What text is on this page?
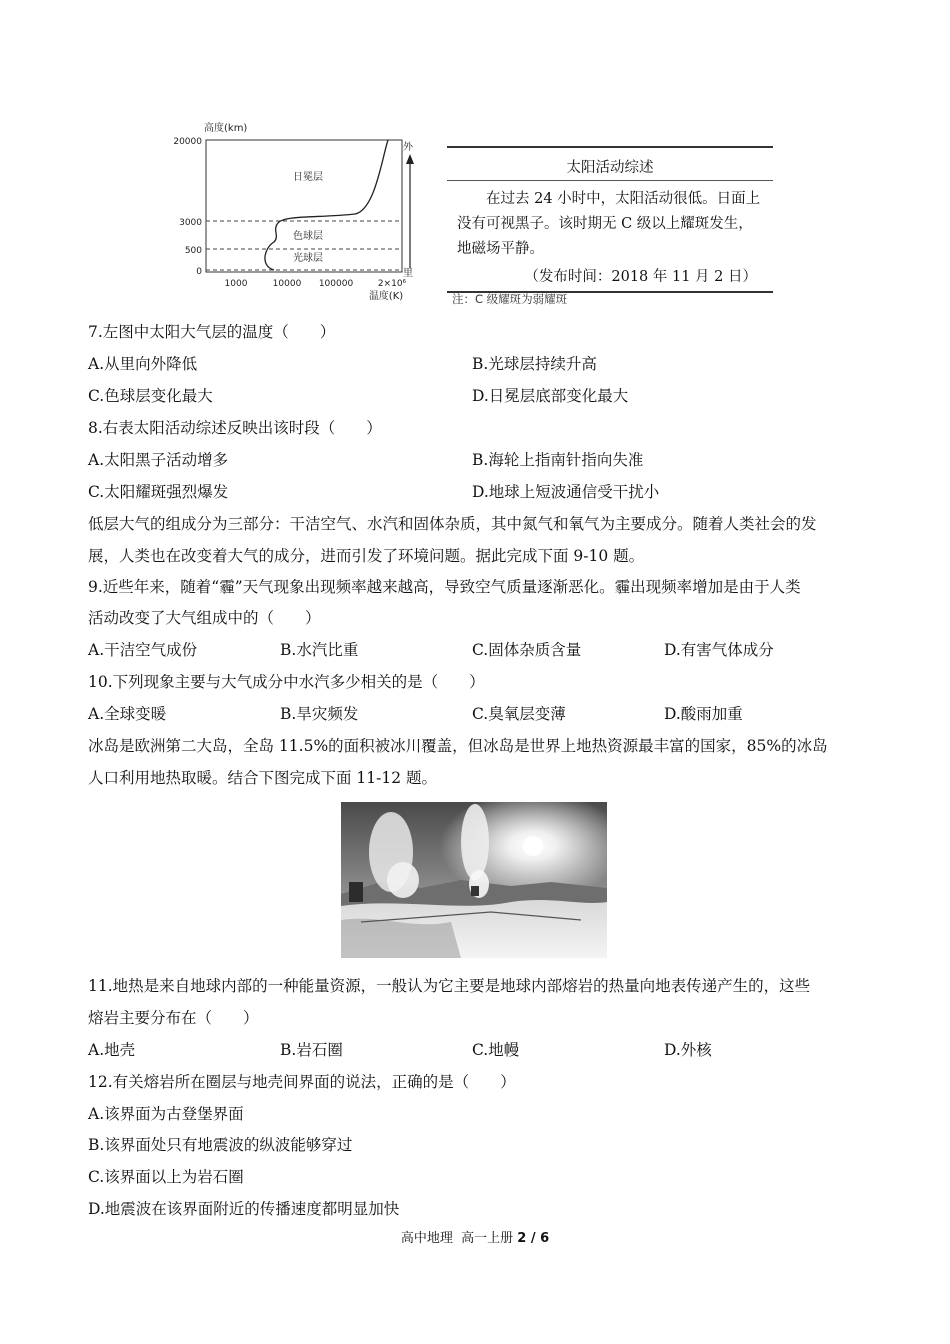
高度(km)
20000
3000
500
0
1000	10000 100000	2×10⁶
温度(K)
日冕层
色球层
光球层
外
里
太阳活动综述
在过去 24 小时中，太阳活动很低。日面上没有可视黑子。该时期无 C 级以上耀斑发生，地磁场平静。
（发布时间：2018 年 11 月 2 日）
注：C 级耀斑为弱耀斑
7.左图中太阳大气层的温度（　　）
A.从里向外降低	B.光球层持续升高
C.色球层变化最大	D.日冕层底部变化最大
8.右表太阳活动综述反映出该时段（　　）
A.太阳黑子活动增多	B.海轮上指南针指向失准
C.太阳耀斑强烈爆发	D.地球上短波通信受干扰小
低层大气的组成分为三部分：干洁空气、水汽和固体杂质，其中氮气和氧气为主要成分。随着人类社会的发
展，人类也在改变着大气的成分，进而引发了环境问题。据此完成下面 9-10 题。
9.近些年来，随着“霾”天气现象出现频率越来越高，导致空气质量逐渐恶化。霾出现频率增加是由于人类
活动改变了大气组成中的（　　）
A.干洁空气成份	B.水汽比重	C.固体杂质含量	D.有害气体成分
10.下列现象主要与大气成分中水汽多少相关的是（　　）
A.全球变暖	B.旱灾频发	C.臭氧层变薄	D.酸雨加重
冰岛是欧洲第二大岛，全岛 11.5%的面积被冰川覆盖，但冰岛是世界上地热资源最丰富的国家，85%的冰岛
人口利用地热取暖。结合下图完成下面 11-12 题。
11.地热是来自地球内部的一种能量资源，一般认为它主要是地球内部熔岩的热量向地表传递产生的，这些
熔岩主要分布在（　　）
A.地壳	B.岩石圈	C.地幔	D.外核
12.有关熔岩所在圈层与地壳间界面的说法，正确的是（　　）
A.该界面为古登堡界面
B.该界面处只有地震波的纵波能够穿过
C.该界面以上为岩石圈
D.地震波在该界面附近的传播速度都明显加快
高中地理 高一上册 2 / 6
